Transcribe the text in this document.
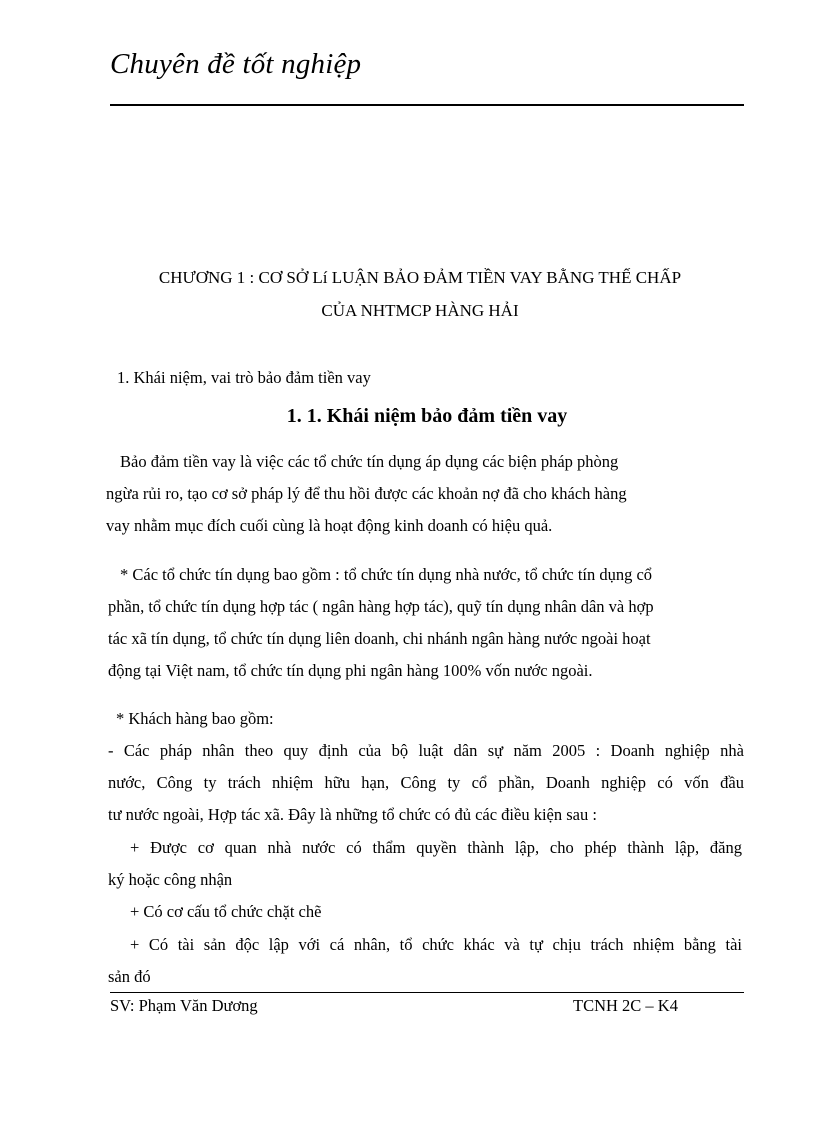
Chuyên đề tốt nghiệp
CHƯƠNG 1 : CƠ SỞ Lí LUẬN BẢO ĐẢM TIỀN VAY BẰNG THẾ CHẤP
CỦA NHTMCP HÀNG HẢI
1. Khái niệm, vai trò bảo đảm tiền vay
1. 1. Khái niệm bảo đảm tiền vay
Bảo đảm tiền vay là việc các tổ chức tín dụng áp dụng các biện pháp phòng
ngừa rủi ro, tạo cơ sở pháp lý để thu hồi được các khoản nợ đã cho khách hàng
vay nhằm mục đích cuối cùng là hoạt động kinh doanh có hiệu quả.
* Các tổ chức tín dụng bao gồm : tổ chức tín dụng nhà nước, tổ chức tín dụng cổ
phần, tổ chức tín dụng hợp tác ( ngân hàng hợp tác), quỹ tín dụng nhân dân và hợp
tác xã tín dụng, tổ chức tín dụng liên doanh, chi nhánh ngân hàng nước ngoài hoạt
động tại Việt nam, tổ chức tín dụng phi ngân hàng 100% vốn nước ngoài.
* Khách hàng bao gồm:
- Các pháp nhân theo quy định của bộ luật dân sự năm 2005 : Doanh nghiệp nhà
nước, Công ty trách nhiệm hữu hạn, Công ty cổ phần, Doanh nghiệp có vốn đầu
tư nước ngoài, Hợp tác xã. Đây là những tổ chức có đủ các điều kiện sau :
+ Được cơ quan nhà nước có thẩm quyền thành lập, cho phép thành lập, đăng
ký hoặc công nhận
+ Có cơ cấu tổ chức chặt chẽ
+ Có tài sản độc lập với cá nhân, tổ chức khác và tự chịu trách nhiệm bằng tài
sản đó
SV: Phạm Văn Dương	TCNH 2C – K4
